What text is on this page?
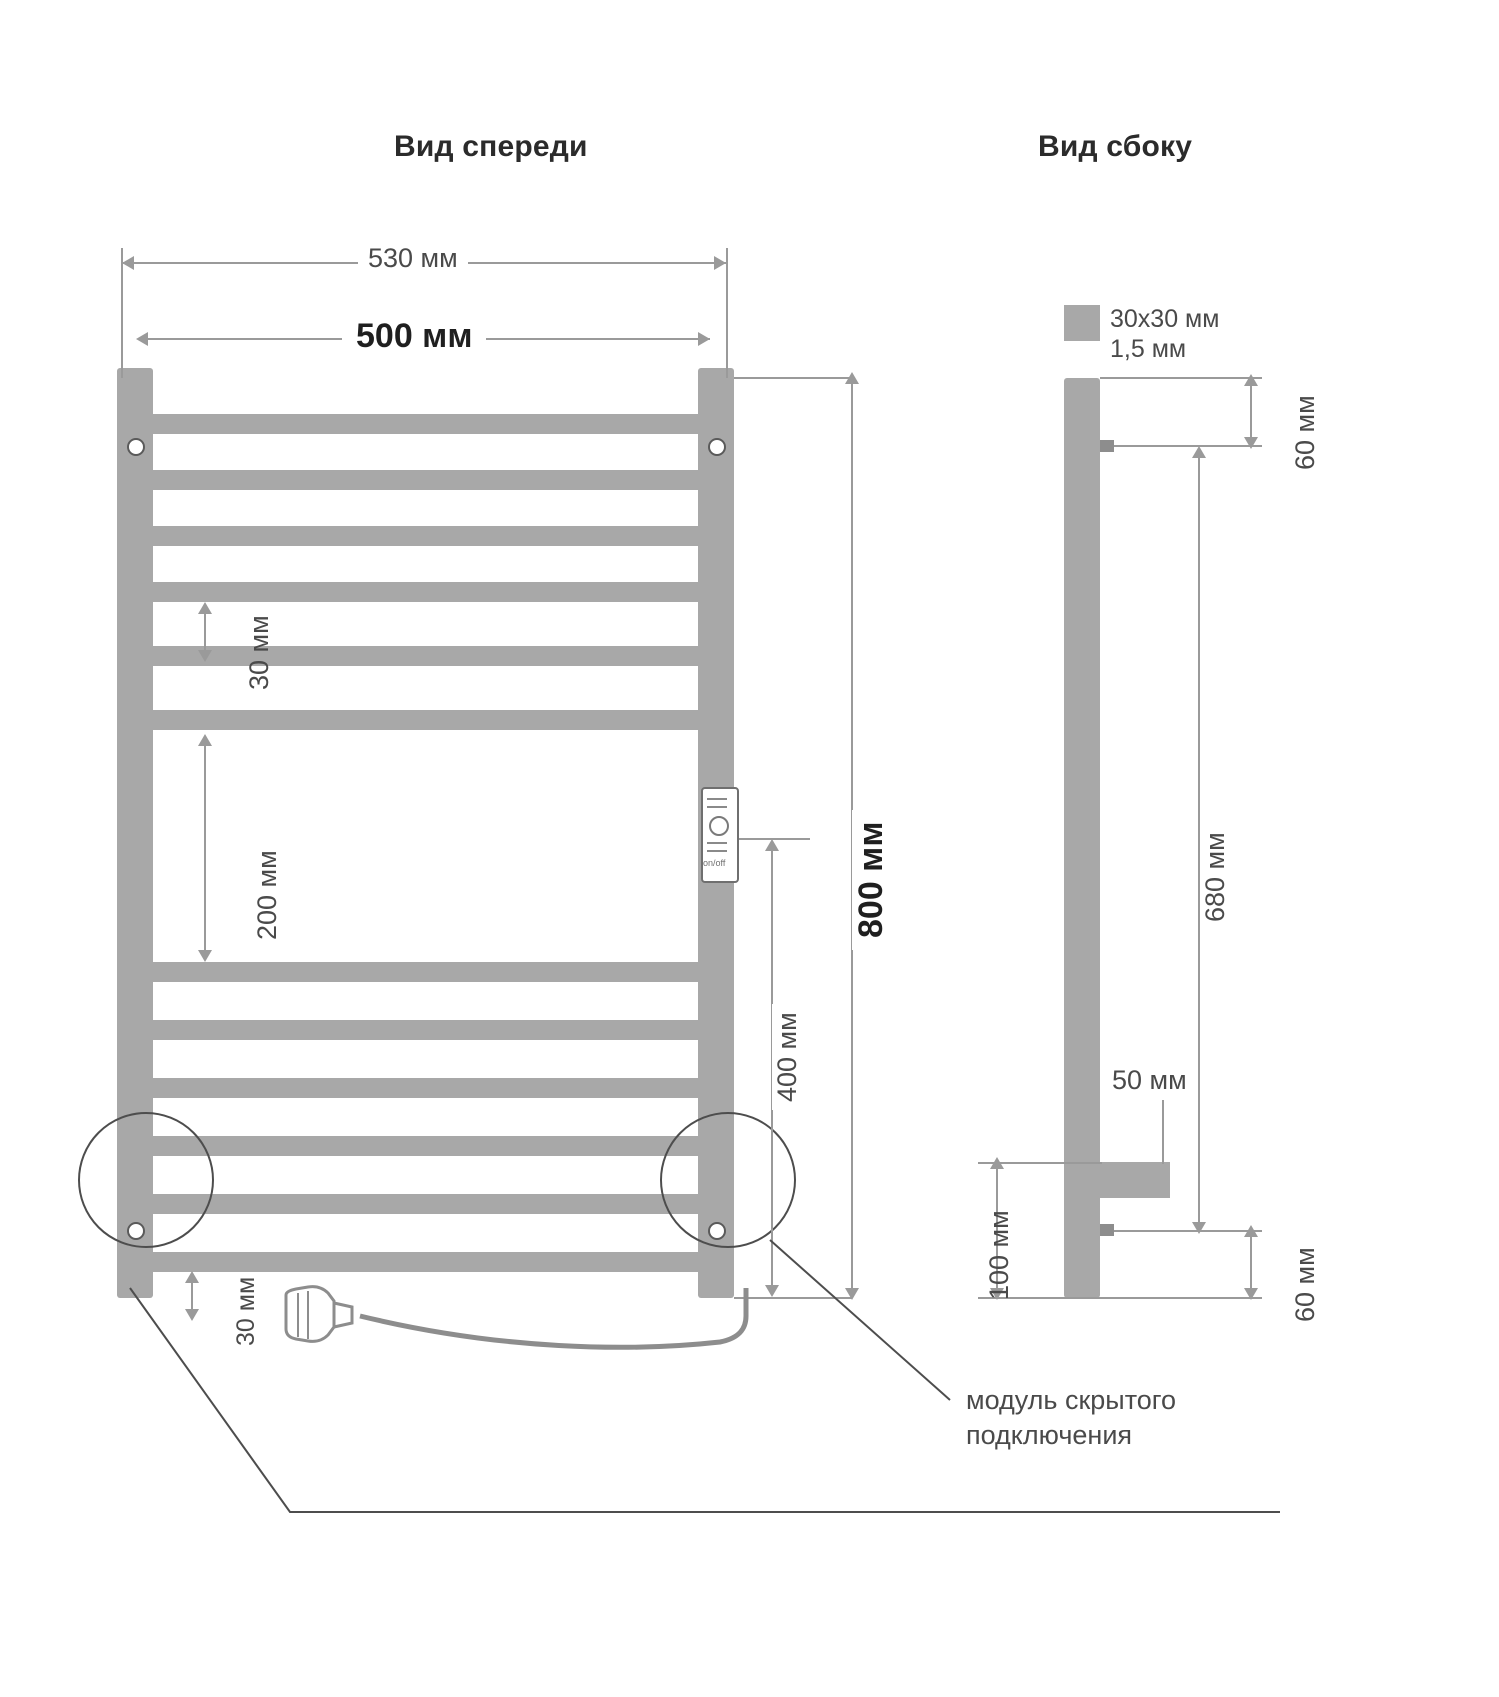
Вид спереди	Вид сбоку
530 мм
500 мм
800 мм
400 мм
30 мм
200 мм
30 мм
on/off
модуль скрытого
подключения
30x30 мм
1,5 мм
60 мм
680 мм
50 мм
100 мм	60 мм
